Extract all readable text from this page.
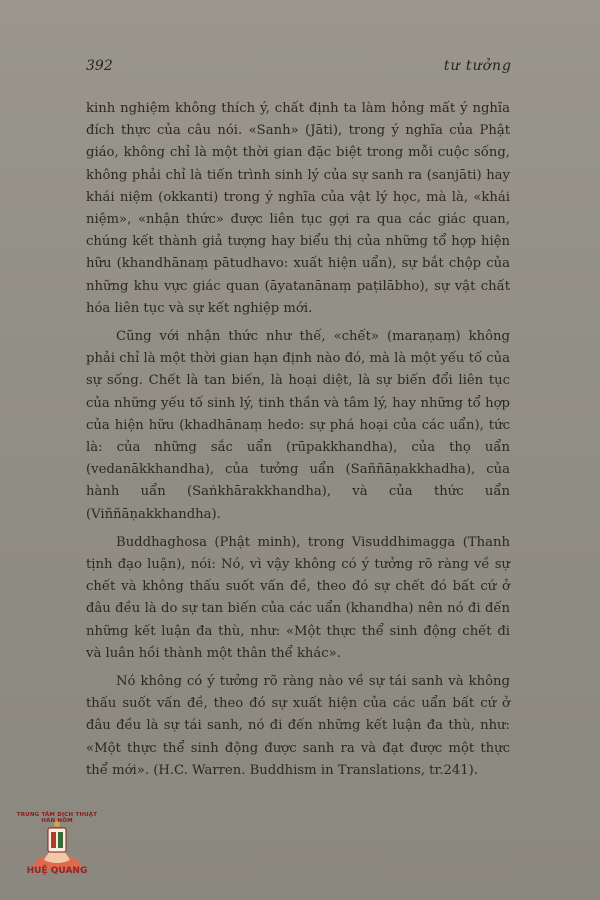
392	tư tưởng

kinh nghiệm không thích ý, chất định ta làm hỏng mất ý nghĩa đích thực của câu nói. «Sanh» (Jāti), trong ý nghĩa của Phật giáo, không chỉ là một thời gian đặc biệt trong mỗi cuộc sống, không phải chỉ là tiến trình sinh lý của sự sanh ra (sanjāti) hay khái niệm (okkanti) trong ý nghĩa của vật lý học, mà là, «khái niệm», «nhận thức» được liên tục gợi ra qua các giác quan, chúng kết thành giả tượng hay biểu thị của những tổ hợp hiện hữu (khandhānaṃ pātudhavo: xuất hiện uẩn), sự bắt chộp của những khu vực giác quan (āyatanānaṃ paṭilābho), sự vật chất hóa liên tục và sự kết nghiệp mới.

Cũng với nhận thức như thế, «chết» (maraṇaṃ) không phải chỉ là một thời gian hạn định nào đó, mà là một yếu tố của sự sống. Chết là tan biến, là hoại diệt, là sự biến đổi liên tục của những yếu tố sinh lý, tinh thần và tâm lý, hay những tổ hợp của hiện hữu (khadhānaṃ hedo: sự phá hoại của các uẩn), tức là: của những sắc uẩn (rūpakkhandha), của thọ uẩn (vedanākkhandha), của tưởng uẩn (Saññāṇakkhadha), của hành uẩn (Saṅkhārakkhandha), và của thức uẩn (Viññāṇakkhandha).

Buddhaghosa (Phật minh), trong Visuddhimagga (Thanh tịnh đạo luận), nói: Nó, vì vậy không có ý tưởng rõ ràng về sự chết và không thấu suốt vấn đề, theo đó sự chết đó bất cứ ở đâu đều là do sự tan biến của các uẩn (khandha) nên nó đi đến những kết luận đa thù, như: «Một thực thể sinh động chết đi và luân hồi thành một thân thể khác».

Nó không có ý tưởng rõ ràng nào về sự tái sanh và không thấu suốt vấn đề, theo đó sự xuất hiện của các uẩn bất cứ ở đâu đều là sự tái sanh, nó đi đến những kết luận đa thù, như: «Một thực thể sinh động được sanh ra và đạt được một thực thể mới». (H.C. Warren. Buddhism in Translations, tr.241).

TRUNG TÂM DỊCH THUẬT HÁN NÔM
HUỆ QUANG
